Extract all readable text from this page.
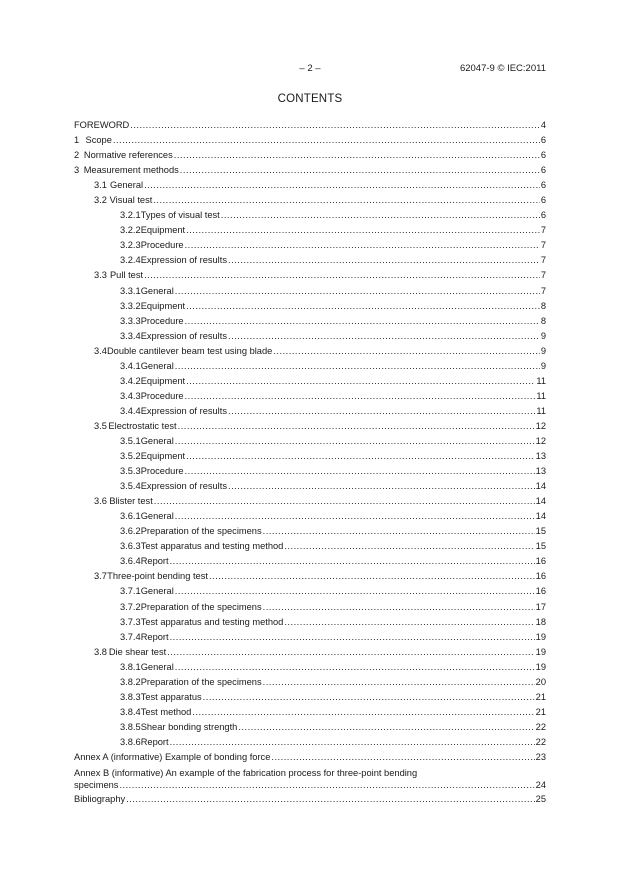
– 2 –	62047-9 © IEC:2011
CONTENTS
FOREWORD .....	4
1 Scope .....	6
2 Normative references .....	6
3 Measurement methods .....	6
3.1 General .....	6
3.2 Visual test .....	6
3.2.1 Types of visual test .....	6
3.2.2 Equipment .....	7
3.2.3 Procedure .....	7
3.2.4 Expression of results .....	7
3.3 Pull test .....	7
3.3.1 General .....	7
3.3.2 Equipment .....	8
3.3.3 Procedure .....	8
3.3.4 Expression of results .....	9
3.4 Double cantilever beam test using blade .....	9
3.4.1 General .....	9
3.4.2 Equipment .....	11
3.4.3 Procedure .....	11
3.4.4 Expression of results .....	11
3.5 Electrostatic test .....	12
3.5.1 General .....	12
3.5.2 Equipment .....	13
3.5.3 Procedure .....	13
3.5.4 Expression of results .....	14
3.6 Blister test .....	14
3.6.1 General .....	14
3.6.2 Preparation of the specimens .....	15
3.6.3 Test apparatus and testing method .....	15
3.6.4 Report .....	16
3.7 Three-point bending test .....	16
3.7.1 General .....	16
3.7.2 Preparation of the specimens .....	17
3.7.3 Test apparatus and testing method .....	18
3.7.4 Report .....	19
3.8 Die shear test .....	19
3.8.1 General .....	19
3.8.2 Preparation of the specimens .....	20
3.8.3 Test apparatus .....	21
3.8.4 Test method .....	21
3.8.5 Shear bonding strength .....	22
3.8.6 Report .....	22
Annex A (informative) Example of bonding force .....	23
Annex B (informative) An example of the fabrication process for three-point bending
specimens .....	24
Bibliography .....	25
